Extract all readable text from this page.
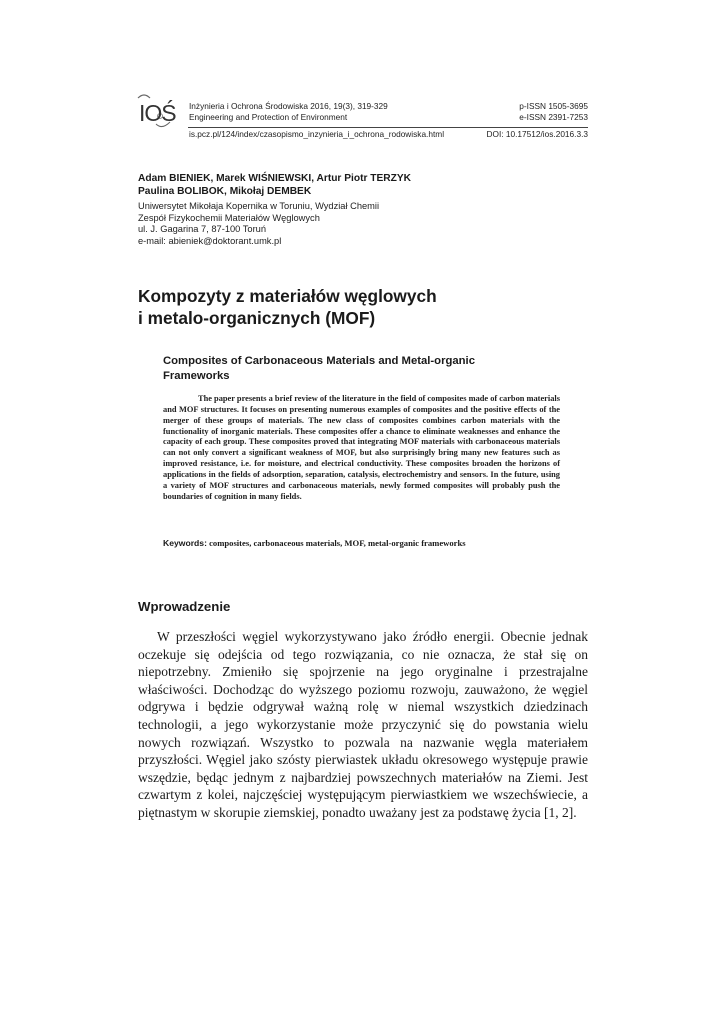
IOŚ Inżynieria i Ochrona Środowiska 2016, 19(3), 319-329
Engineering and Protection of Environment
p-ISSN 1505-3695
e-ISSN 2391-7253
is.pcz.pl/124/index/czasopismo_inzynieria_i_ochrona_rodowiska.html	DOI: 10.17512/ios.2016.3.3
Adam BIENIEK, Marek WIŚNIEWSKI, Artur Piotr TERZYK
Paulina BOLIBOK, Mikołaj DEMBEK
Uniwersytet Mikołaja Kopernika w Toruniu, Wydział Chemii
Zespół Fizykochemii Materiałów Węglowych
ul. J. Gagarina 7, 87-100 Toruń
e-mail: abieniek@doktorant.umk.pl
Kompozyty z materiałów węglowych
i metalo-organicznych (MOF)
Composites of Carbonaceous Materials and Metal-organic Frameworks
The paper presents a brief review of the literature in the field of composites made of carbon materials and MOF structures. It focuses on presenting numerous examples of composites and the positive effects of the merger of these groups of materials. The new class of composites combines carbon materials with the functionality of inorganic materials. These composites offer a chance to eliminate weaknesses and enhance the capacity of each group. These composites proved that integrating MOF materials with carbonaceous materials can not only convert a significant weakness of MOF, but also surprisingly bring many new features such as improved resistance, i.e. for moisture, and electrical conductivity. These composites broaden the horizons of applications in the fields of adsorption, separation, catalysis, electrochemistry and sensors. In the future, using a variety of MOF structures and carbonaceous materials, newly formed composites will probably push the boundaries of cognition in many fields.
Keywords: composites, carbonaceous materials, MOF, metal-organic frameworks
Wprowadzenie
W przeszłości węgiel wykorzystywano jako źródło energii. Obecnie jednak oczekuje się odejścia od tego rozwiązania, co nie oznacza, że stał się on niepotrzebny. Zmieniło się spojrzenie na jego oryginalne i przestrajalne właściwości. Dochodząc do wyższego poziomu rozwoju, zauważono, że węgiel odgrywa i będzie odgrywał ważną rolę w niemal wszystkich dziedzinach technologii, a jego wykorzystanie może przyczynić się do powstania wielu nowych rozwiązań. Wszystko to pozwala na nazwanie węgla materiałem przyszłości. Węgiel jako szósty pierwiastek układu okresowego występuje prawie wszędzie, będąc jednym z najbardziej powszechnych materiałów na Ziemi. Jest czwartym z kolei, najczęściej występującym pierwiastkiem we wszechświecie, a piętnastym w skorupie ziemskiej, ponadto uważany jest za podstawę życia [1, 2].
